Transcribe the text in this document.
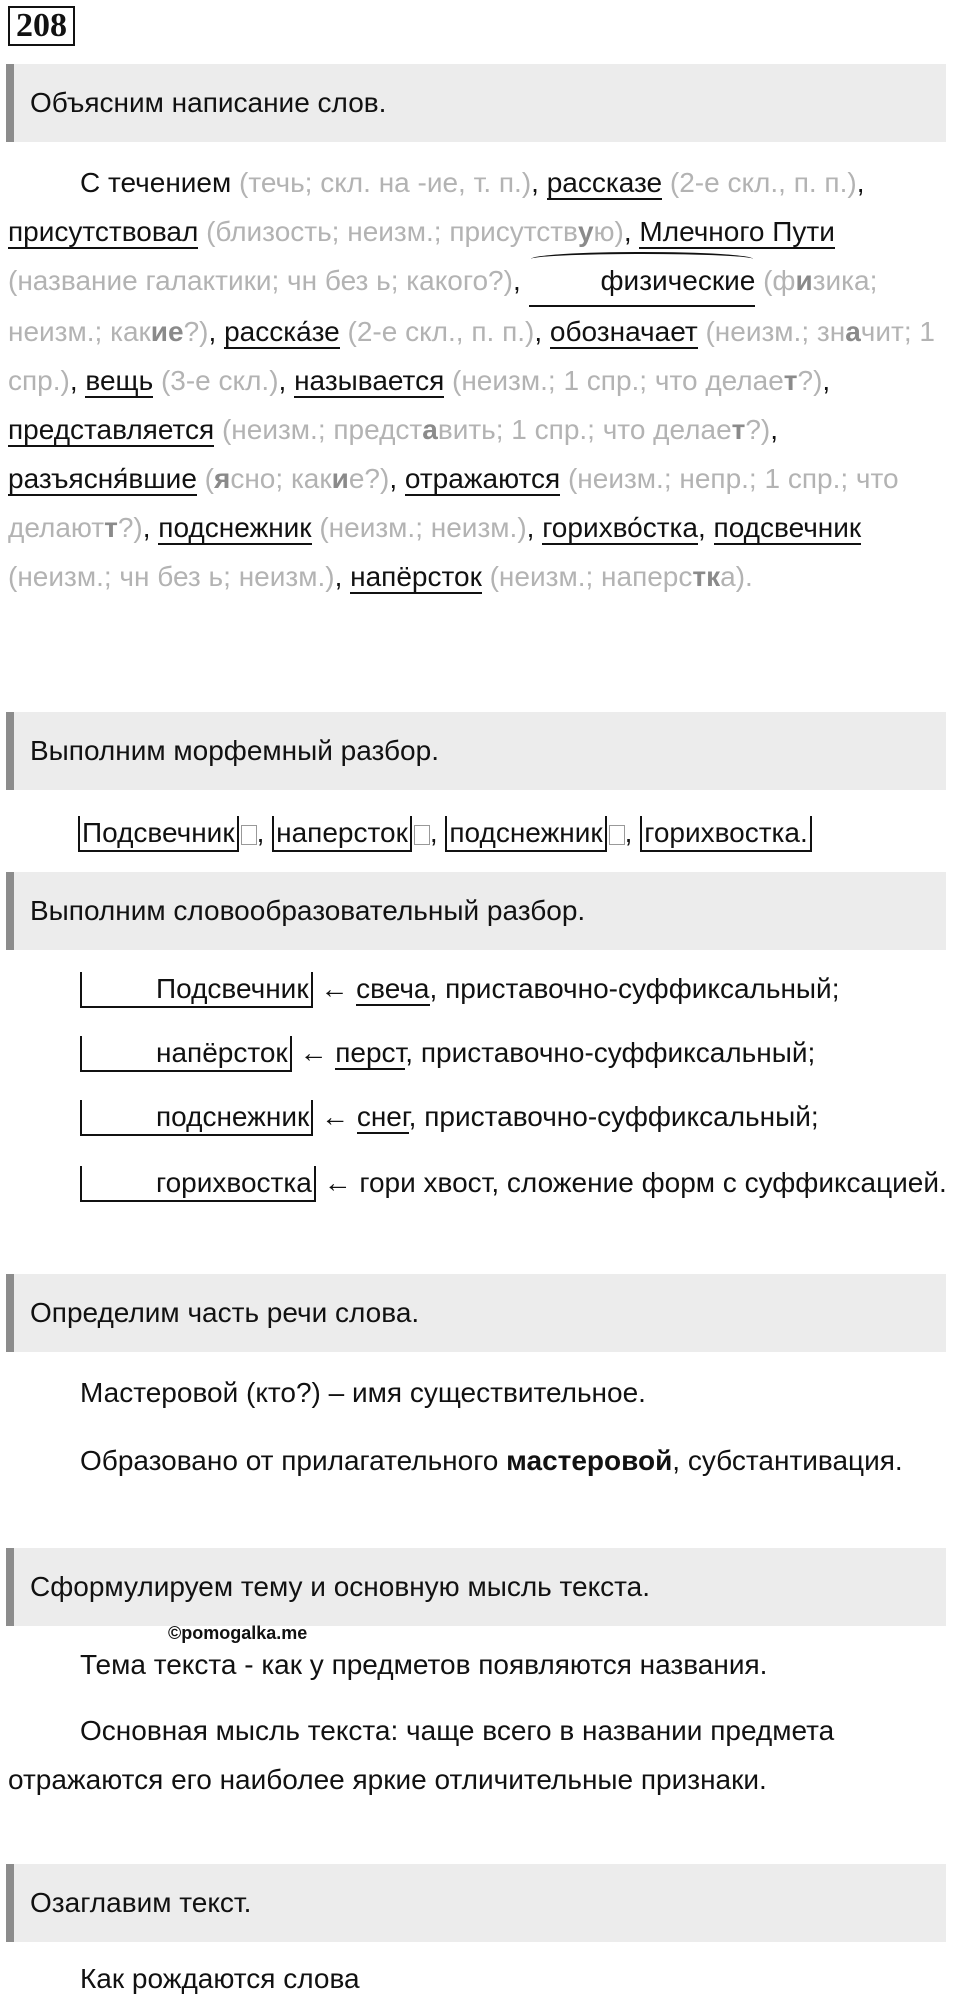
208
Объясним написание слов.
С течением (течь; скл. на -ие, т. п.), рассказе (2-е скл., п. п.), присутствовал (близость; неизм.; присутствую), Млечного Пути (название галактики; чн без ь; какого?),	физические (физика; неизм.; какие?), расска́зе (2-е скл., п. п.), обозначает (неизм.; значит; 1 спр.), вещь (3-е скл.), называется (неизм.; 1 спр.; что делает?), представляется (неизм.; представить; 1 спр.; что делает?), разъясня́вшие (ясно; какие?), отражаются (неизм.; непр.; 1 спр.; что делаютт?), подснежник (неизм.; неизм.), горихво́стка, подсвечник (неизм.; чн без ь; неизм.), напёрсток (неизм.; наперстка).
Выполним морфемный разбор.
Подсвечник , наперсток , подснежник , горихвостка.
Выполним словообразовательный разбор.
Подсвечник ← свеча, приставочно-суффиксальный;
напёрсток ← перст, приставочно-суффиксальный;
подснежник ← снег, приставочно-суффиксальный;
горихвостка ← гори хвост, сложение форм с суффиксацией.
Определим часть речи слова.
Мастеровой (кто?) – имя существительное.
Образовано от прилагательного мастеровой, субстантивация.
Сформулируем тему и основную мысль текста.
©pomogalka.me
Тема текста - как у предметов появляются названия.
Основная мысль текста: чаще всего в названии предмета отражаются его наиболее яркие отличительные признаки.
Озаглавим текст.
Как рождаются слова
